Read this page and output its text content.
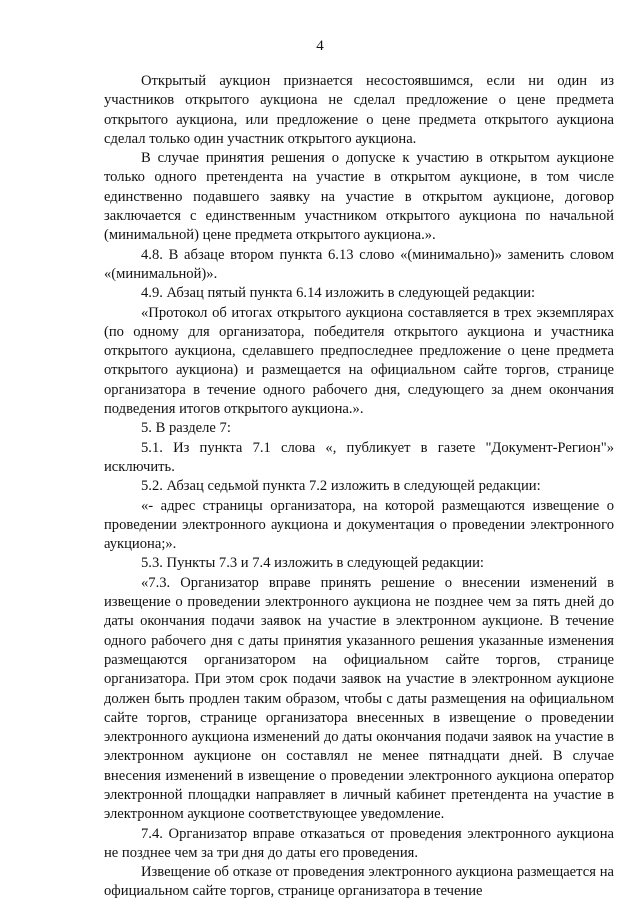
4

Открытый аукцион признается несостоявшимся, если ни один из участников открытого аукциона не сделал предложение о цене предмета открытого аукциона, или предложение о цене предмета открытого аукциона сделал только один участник открытого аукциона.

В случае принятия решения о допуске к участию в открытом аукционе только одного претендента на участие в открытом аукционе, в том числе единственно подавшего заявку на участие в открытом аукционе, договор заключается с единственным участником открытого аукциона по начальной (минимальной) цене предмета открытого аукциона.».

4.8. В абзаце втором пункта 6.13 слово «(минимально)» заменить словом «(минимальной)».

4.9. Абзац пятый пункта 6.14 изложить в следующей редакции:

«Протокол об итогах открытого аукциона составляется в трех экземплярах (по одному для организатора, победителя открытого аукциона и участника открытого аукциона, сделавшего предпоследнее предложение о цене предмета открытого аукциона) и размещается на официальном сайте торгов, странице организатора в течение одного рабочего дня, следующего за днем окончания подведения итогов открытого аукциона.».

5. В разделе 7:

5.1. Из пункта 7.1 слова «, публикует в газете "Документ-Регион"» исключить.

5.2. Абзац седьмой пункта 7.2 изложить в следующей редакции:

«- адрес страницы организатора, на которой размещаются извещение о проведении электронного аукциона и документация о проведении электронного аукциона;».

5.3. Пункты 7.3 и 7.4 изложить в следующей редакции:

«7.3. Организатор вправе принять решение о внесении изменений в извещение о проведении электронного аукциона не позднее чем за пять дней до даты окончания подачи заявок на участие в электронном аукционе. В течение одного рабочего дня с даты принятия указанного решения указанные изменения размещаются организатором на официальном сайте торгов, странице организатора. При этом срок подачи заявок на участие в электронном аукционе должен быть продлен таким образом, чтобы с даты размещения на официальном сайте торгов, странице организатора внесенных в извещение о проведении электронного аукциона изменений до даты окончания подачи заявок на участие в электронном аукционе он составлял не менее пятнадцати дней. В случае внесения изменений в извещение о проведении электронного аукциона оператор электронной площадки направляет в личный кабинет претендента на участие в электронном аукционе соответствующее уведомление.

7.4. Организатор вправе отказаться от проведения электронного аукциона не позднее чем за три дня до даты его проведения.

Извещение об отказе от проведения электронного аукциона размещается на официальном сайте торгов, странице организатора в течение
